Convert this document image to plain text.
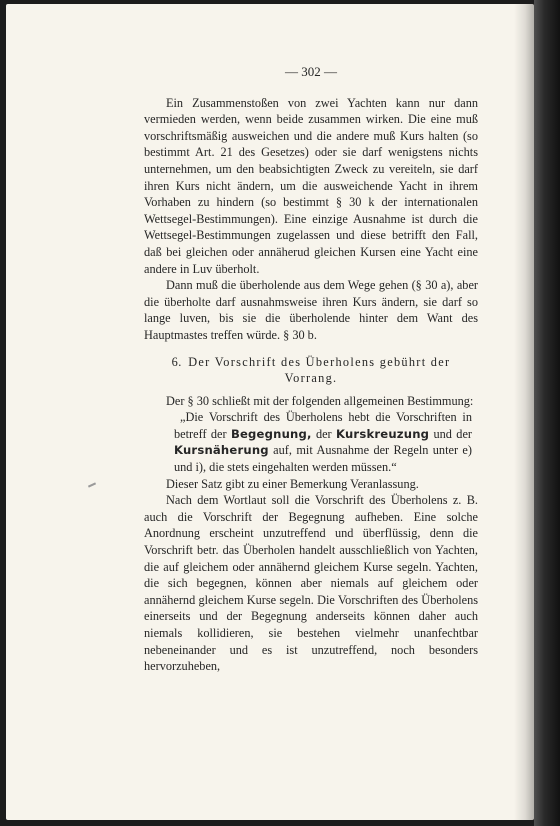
— 302 —

Ein Zusammenstoßen von zwei Yachten kann nur dann vermieden werden, wenn beide zusammen wirken. Die eine muß vorschriftsmäßig ausweichen und die andere muß Kurs halten (so bestimmt Art. 21 des Gesetzes) oder sie darf wenigstens nichts unternehmen, um den beabsichtigten Zweck zu vereiteln, sie darf ihren Kurs nicht ändern, um die ausweichende Yacht in ihrem Vorhaben zu hindern (so bestimmt § 30 k der internationalen Wettsegel-Bestimmungen). Eine einzige Ausnahme ist durch die Wettsegel-Bestimmungen zugelassen und diese betrifft den Fall, daß bei gleichen oder annäherud gleichen Kursen eine Yacht eine andere in Luv überholt.

Dann muß die überholende aus dem Wege gehen (§ 30 a), aber die überholte darf ausnahmsweise ihren Kurs ändern, sie darf so lange luven, bis sie die überholende hinter dem Want des Hauptmastes treffen würde. § 30 b.

6. Der Vorschrift des Überholens gebührt der Vorrang.

Der § 30 schließt mit der folgenden allgemeinen Bestimmung:

„Die Vorschrift des Überholens hebt die Vorschriften in betreff der Begegnung, der Kurskreuzung und der Kursnäherung auf, mit Ausnahme der Regeln unter e) und i), die stets eingehalten werden müssen.“

Dieser Satz gibt zu einer Bemerkung Veranlassung.

Nach dem Wortlaut soll die Vorschrift des Überholens z. B. auch die Vorschrift der Begegnung aufheben. Eine solche Anordnung erscheint unzutreffend und überflüssig, denn die Vorschrift betr. das Überholen handelt ausschließlich von Yachten, die auf gleichem oder annähernd gleichem Kurse segeln. Yachten, die sich begegnen, können aber niemals auf gleichem oder annähernd gleichem Kurse segeln. Die Vorschriften des Überholens einerseits und der Begegnung anderseits können daher auch niemals kollidieren, sie bestehen vielmehr unanfechtbar nebeneinander und es ist unzutreffend, noch besonders hervorzuheben,
